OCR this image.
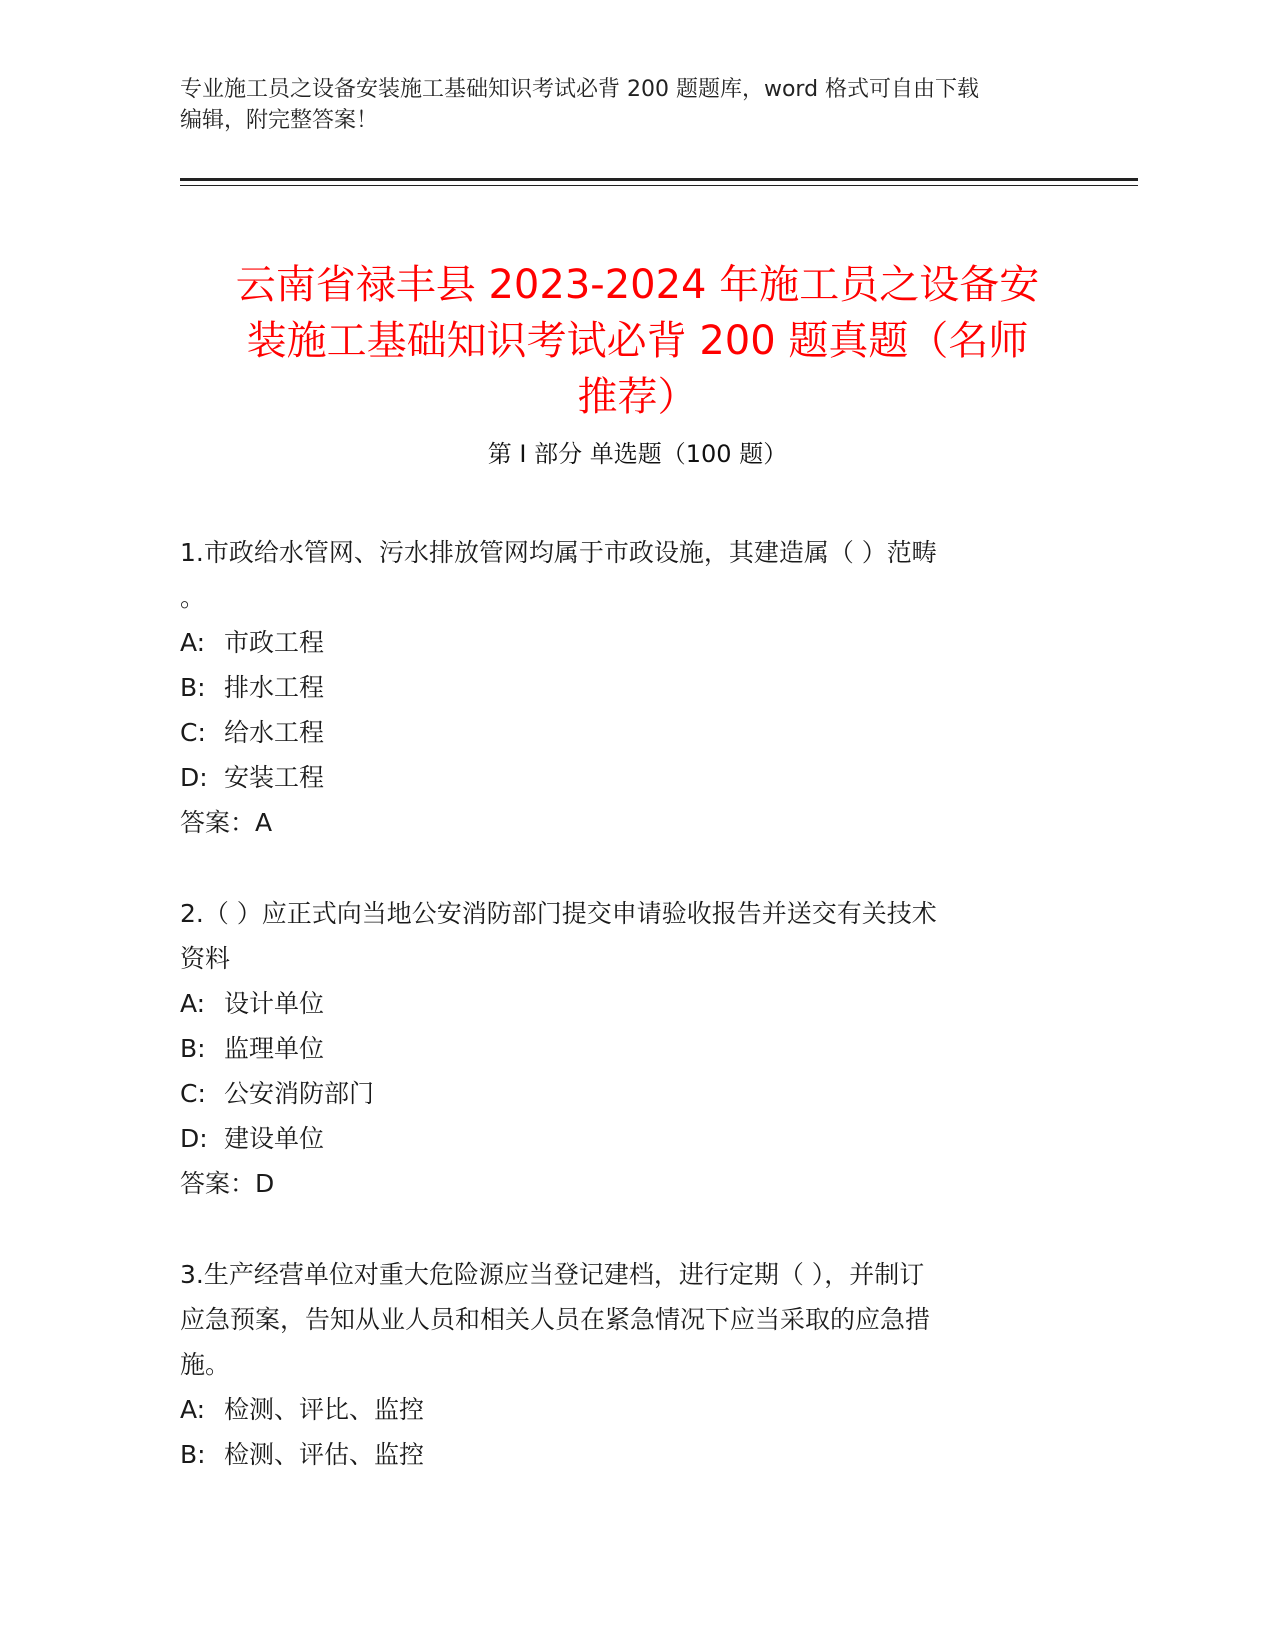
专业施工员之设备安装施工基础知识考试必背 200 题题库，word 格式可自由下载
编辑，附完整答案！
云南省禄丰县 2023-2024 年施工员之设备安
装施工基础知识考试必背 200 题真题（名师
推荐）
第 I 部分 单选题（100 题）
1.市政给水管网、污水排放管网均属于市政设施，其建造属（ ）范畴
。
A: 市政工程
B: 排水工程
C: 给水工程
D: 安装工程
答案：A
2.（ ）应正式向当地公安消防部门提交申请验收报告并送交有关技术
资料
A: 设计单位
B: 监理单位
C: 公安消防部门
D: 建设单位
答案：D
3.生产经营单位对重大危险源应当登记建档，进行定期（ ），并制订
应急预案，告知从业人员和相关人员在紧急情况下应当采取的应急措
施。
A: 检测、评比、监控
B: 检测、评估、监控
